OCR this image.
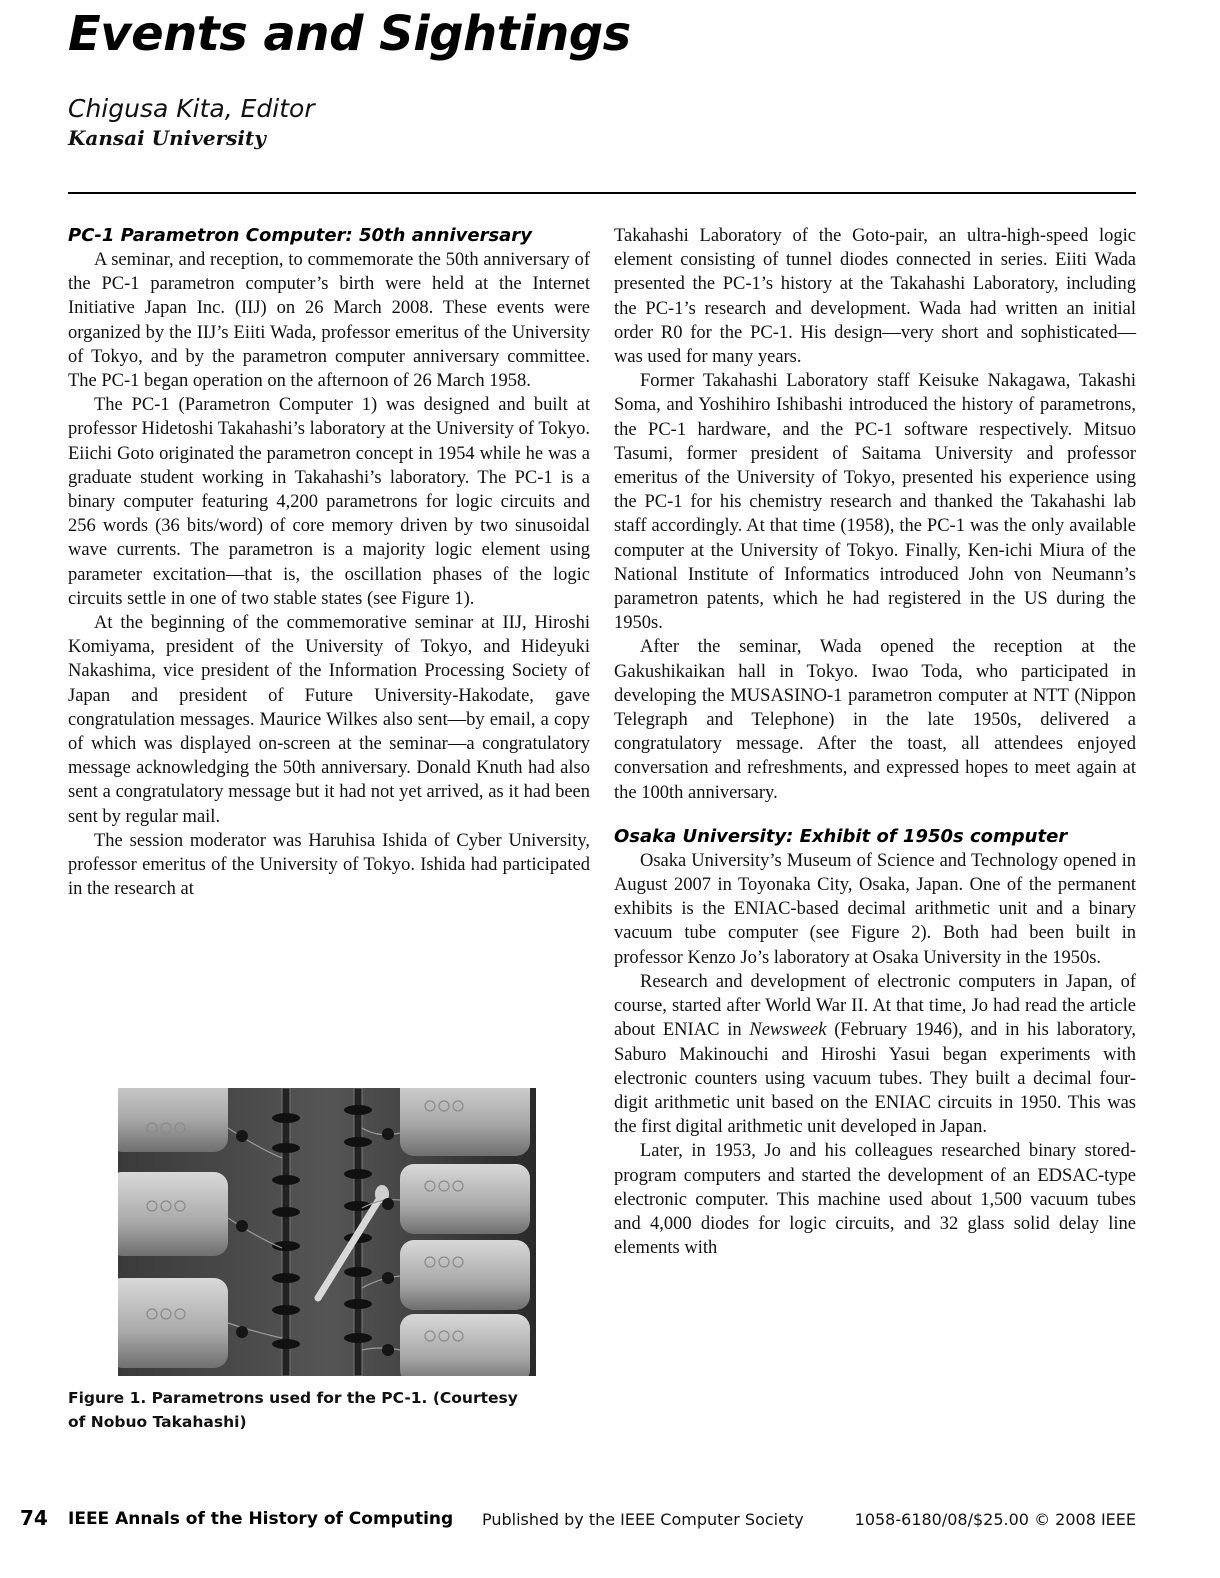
Events and Sightings
Chigusa Kita, Editor
Kansai University
PC-1 Parametron Computer: 50th anniversary

A seminar, and reception, to commemorate the 50th anniversary of the PC-1 parametron computer’s birth were held at the Internet Initiative Japan Inc. (IIJ) on 26 March 2008. These events were organized by the IIJ’s Eiiti Wada, professor emeritus of the University of Tokyo, and by the parametron computer anniversary committee. The PC-1 began operation on the afternoon of 26 March 1958.

The PC-1 (Parametron Computer 1) was designed and built at professor Hidetoshi Takahashi’s laboratory at the University of Tokyo. Eiichi Goto originated the parametron concept in 1954 while he was a graduate student working in Takahashi’s laboratory. The PC-1 is a binary computer featuring 4,200 parametrons for logic circuits and 256 words (36 bits/word) of core memory driven by two sinusoidal wave currents. The parametron is a majority logic element using parameter excitation—that is, the oscillation phases of the logic circuits settle in one of two stable states (see Figure 1).

At the beginning of the commemorative seminar at IIJ, Hiroshi Komiyama, president of the University of Tokyo, and Hideyuki Nakashima, vice president of the Information Processing Society of Japan and president of Future University-Hakodate, gave congratulation messages. Maurice Wilkes also sent—by email, a copy of which was displayed on-screen at the seminar—a congratulatory message acknowledging the 50th anniversary. Donald Knuth had also sent a congratulatory message but it had not yet arrived, as it had been sent by regular mail.

The session moderator was Haruhisa Ishida of Cyber University, professor emeritus of the University of Tokyo. Ishida had participated in the research at

Figure 1. Parametrons used for the PC-1. (Courtesy of Nobuo Takahashi)

Takahashi Laboratory of the Goto-pair, an ultra-high-speed logic element consisting of tunnel diodes connected in series. Eiiti Wada presented the PC-1’s history at the Takahashi Laboratory, including the PC-1’s research and development. Wada had written an initial order R0 for the PC-1. His design—very short and sophisticated—was used for many years.

Former Takahashi Laboratory staff Keisuke Nakagawa, Takashi Soma, and Yoshihiro Ishibashi introduced the history of parametrons, the PC-1 hardware, and the PC-1 software respectively. Mitsuo Tasumi, former president of Saitama University and professor emeritus of the University of Tokyo, presented his experience using the PC-1 for his chemistry research and thanked the Takahashi lab staff accordingly. At that time (1958), the PC-1 was the only available computer at the University of Tokyo. Finally, Ken-ichi Miura of the National Institute of Informatics introduced John von Neumann’s parametron patents, which he had registered in the US during the 1950s.

After the seminar, Wada opened the reception at the Gakushikaikan hall in Tokyo. Iwao Toda, who participated in developing the MUSASINO-1 parametron computer at NTT (Nippon Telegraph and Telephone) in the late 1950s, delivered a congratulatory message. After the toast, all attendees enjoyed conversation and refreshments, and expressed hopes to meet again at the 100th anniversary.

Osaka University: Exhibit of 1950s computer

Osaka University’s Museum of Science and Technology opened in August 2007 in Toyonaka City, Osaka, Japan. One of the permanent exhibits is the ENIAC-based decimal arithmetic unit and a binary vacuum tube computer (see Figure 2). Both had been built in professor Kenzo Jo’s laboratory at Osaka University in the 1950s.

Research and development of electronic computers in Japan, of course, started after World War II. At that time, Jo had read the article about ENIAC in Newsweek (February 1946), and in his laboratory, Saburo Makinouchi and Hiroshi Yasui began experiments with electronic counters using vacuum tubes. They built a decimal four-digit arithmetic unit based on the ENIAC circuits in 1950. This was the first digital arithmetic unit developed in Japan.

Later, in 1953, Jo and his colleagues researched binary stored-program computers and started the development of an EDSAC-type electronic computer. This machine used about 1,500 vacuum tubes and 4,000 diodes for logic circuits, and 32 glass solid delay line elements with

74 IEEE Annals of the History of Computing Published by the IEEE Computer Society	1058-6180/08/$25.00 © 2008 IEEE
